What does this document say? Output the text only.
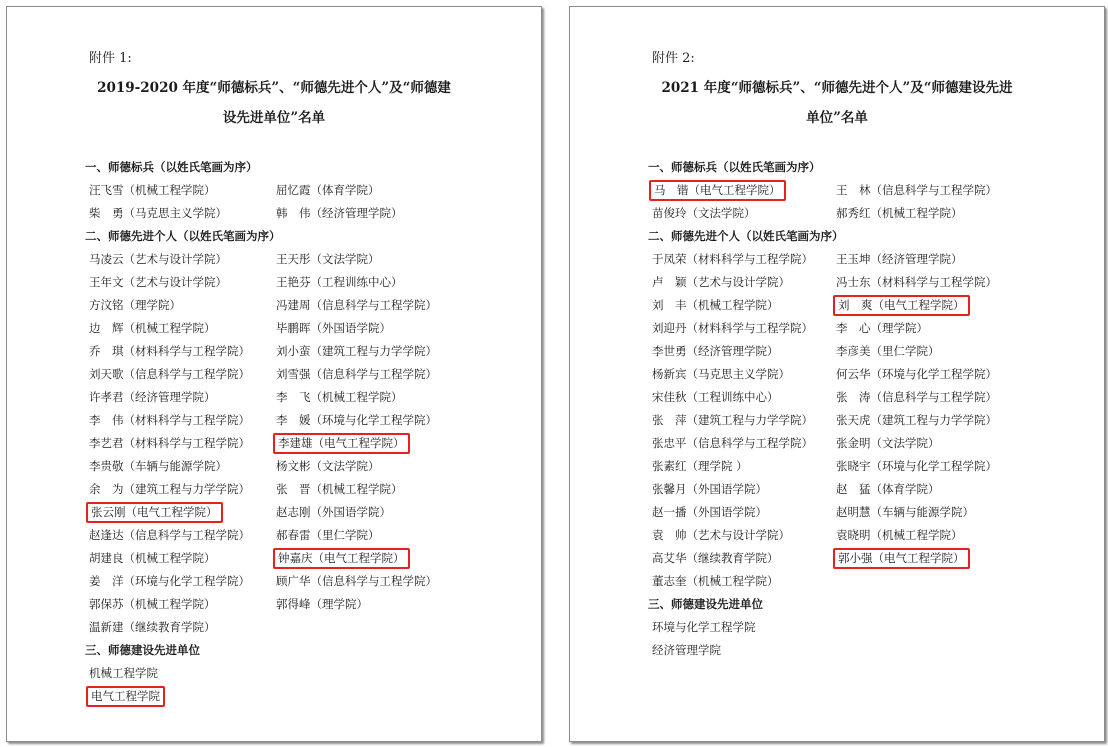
附件 1:
2019-2020 年度“师德标兵”、“师德先进个人”及“师德建
设先进单位”名单
一、师德标兵（以姓氏笔画为序）
汪飞雪（机械工程学院）	屈忆霞（体育学院）
柴　勇（马克思主义学院）	韩　伟（经济管理学院）
二、师德先进个人（以姓氏笔画为序）
马凌云（艺术与设计学院）	王天彤（文法学院）
王年文（艺术与设计学院）	王艳芬（工程训练中心）
方汶铭（理学院）	冯建周（信息科学与工程学院）
边　辉（机械工程学院）	毕鹏晖（外国语学院）
乔　琪（材料科学与工程学院） 刘小蛮（建筑工程与力学学院）
刘天歌（信息科学与工程学院） 刘雪强（信息科学与工程学院）
许孝君（经济管理学院）	李　飞（机械工程学院）
李　伟（材料科学与工程学院） 李　媛（环境与化学工程学院）
李艺君（材料科学与工程学院）	李建雄（电气工程学院）
李贵敬（车辆与能源学院）	杨文彬（文法学院）
余　为（建筑工程与力学学院） 张　晋（机械工程学院）
张云刚（电气工程学院）	赵志刚（外国语学院）
赵逢达（信息科学与工程学院） 郝春雷（里仁学院）
胡建良（机械工程学院）	钟嘉庆（电气工程学院）
姜　洋（环境与化学工程学院） 顾广华（信息科学与工程学院）
郭保苏（机械工程学院）	郭得峰（理学院）
温新建（继续教育学院）
三、师德建设先进单位
机械工程学院
电气工程学院
附件 2:
2021 年度“师德标兵”、“师德先进个人”及“师德建设先进
单位”名单
一、师德标兵（以姓氏笔画为序）
马　锴（电气工程学院）	王　林（信息科学与工程学院）
苗俊玲（文法学院）	郝秀红（机械工程学院）
二、师德先进个人（以姓氏笔画为序）
于凤荣（材料科学与工程学院） 王玉坤（经济管理学院）
卢　颖（艺术与设计学院）	冯士东（材料科学与工程学院）
刘　丰（机械工程学院）	刘　爽（电气工程学院）
刘迎丹（材料科学与工程学院） 李　心（理学院）
李世勇（经济管理学院）	李彦美（里仁学院）
杨新宾（马克思主义学院）	何云华（环境与化学工程学院）
宋佳秋（工程训练中心）	张　涛（信息科学与工程学院）
张　萍（建筑工程与力学学院） 张天虎（建筑工程与力学学院）
张忠平（信息科学与工程学院） 张金明（文法学院）
张素红（理学院 ）	张晓宇（环境与化学工程学院）
张馨月（外国语学院）	赵　猛（体育学院）
赵一播（外国语学院）	赵明慧（车辆与能源学院）
袁　帅（艺术与设计学院）	袁晓明（机械工程学院）
高艾华（继续教育学院）	郭小强（电气工程学院）
董志奎（机械工程学院）
三、师德建设先进单位
环境与化学工程学院
经济管理学院
